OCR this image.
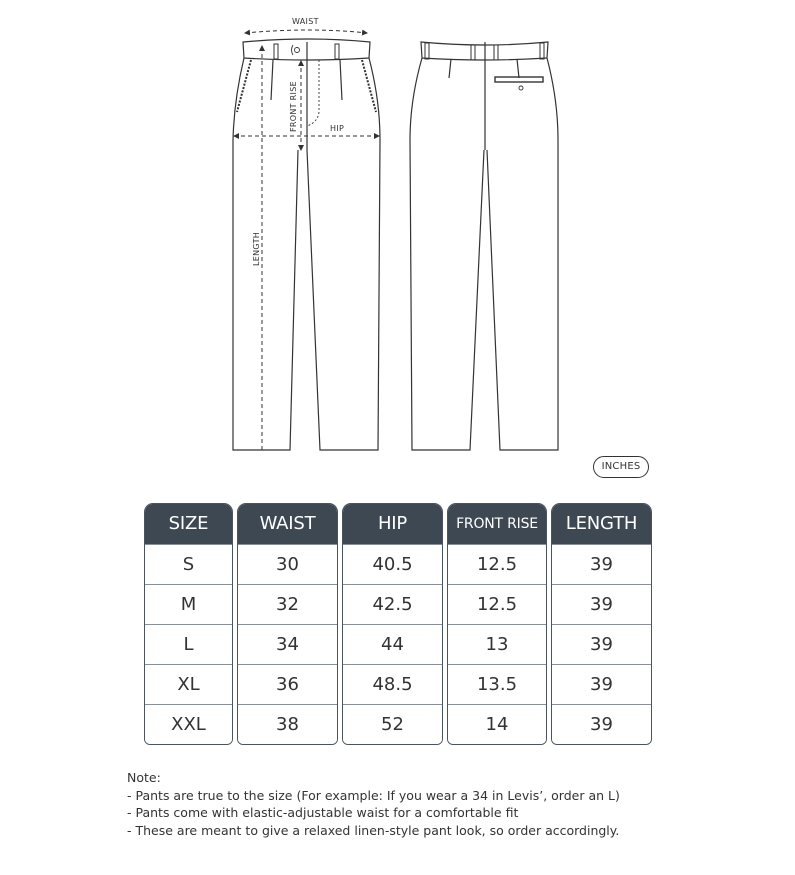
WAIST
FRONT RISE	HIP
LENGTH
INCHES
SIZE
S
M
L
XL
XXL
WAIST
30
32
34
36
38
HIP
40.5
42.5
44
48.5
52
FRONT RISE
12.5
12.5
13
13.5
14
LENGTH
39
39
39
39
39
Note:
- Pants are true to the size (For example: If you wear a 34 in Levis’, order an L)
- Pants come with elastic-adjustable waist for a comfortable fit
- These are meant to give a relaxed linen-style pant look, so order accordingly.
